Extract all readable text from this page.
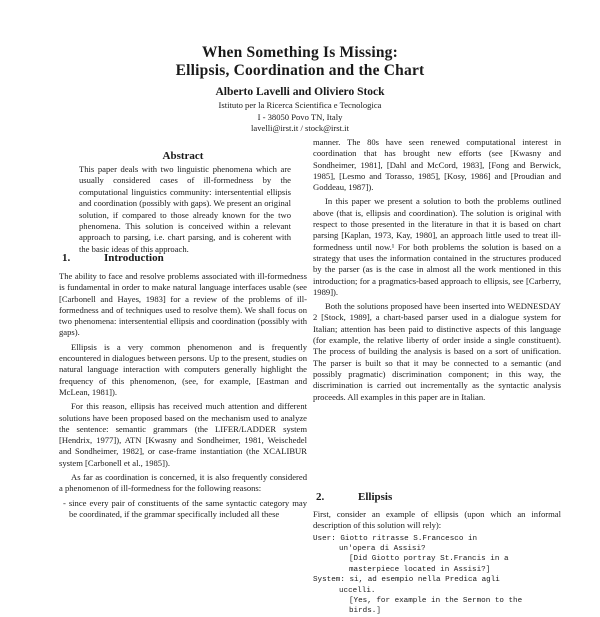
When Something Is Missing:
Ellipsis, Coordination and the Chart
Alberto Lavelli and Oliviero Stock
Istituto per la Ricerca Scientifica e Tecnologica
I - 38050 Povo TN, Italy
lavelli@irst.it / stock@irst.it
Abstract

This paper deals with two linguistic phenomena which are usually considered cases of ill-formedness by the computational linguistics community: intersentential ellipsis and coordination (possibly with gaps). We present an original solution, if compared to those already known for the two phenomena. This solution is conceived within a relevant approach to parsing, i.e. chart parsing, and is coherent with the basic ideas of this approach.

1.	Introduction

The ability to face and resolve problems associated with ill-formedness is fundamental in order to make natural language interfaces usable (see [Carbonell and Hayes, 1983] for a review of the problems of ill-formedness and of techniques used to resolve them). We shall focus on two phenomena: intersentential ellipsis and coordination (possibly with gaps).

Ellipsis is a very common phenomenon and is frequently encountered in dialogues between persons. Up to the present, studies on natural language interaction with computers generally highlight the frequency of this phenomenon, (see, for example, [Eastman and McLean, 1981]).

For this reason, ellipsis has received much attention and different solutions have been proposed based on the mechanism used to analyze the sentence: semantic grammars (the LIFER/LADDER system [Hendrix, 1977]), ATN [Kwasny and Sondheimer, 1981, Weischedel and Sondheimer, 1982], or case-frame instantiation (the XCALIBUR system [Carbonell et al., 1985]).

As far as coordination is concerned, it is also frequently considered a phenomenon of ill-formedness for the following reasons:

- since every pair of constituents of the same syntactic category may be coordinated, if the grammar specifically included all these

manner. The 80s have seen renewed computational interest in coordination that has brought new efforts (see [Kwasny and Sondheimer, 1981], [Dahl and McCord, 1983], [Fong and Berwick, 1985], [Lesmo and Torasso, 1985], [Kosy, 1986] and [Proudian and Goddeau, 1987]).

In this paper we present a solution to both the problems outlined above (that is, ellipsis and coordination). The solution is original with respect to those presented in the literature in that it is based on chart parsing [Kaplan, 1973, Kay, 1980], an approach little used to treat ill-formedness until now.¹ For both problems the solution is based on a strategy that uses the information contained in the structures produced by the parser (as is the case in almost all the work mentioned in this introduction; for a pragmatics-based approach to ellipsis, see [Carberry, 1989]).

Both the solutions proposed have been inserted into WEDNESDAY 2 [Stock, 1989], a chart-based parser used in a dialogue system for Italian; attention has been paid to distinctive aspects of this language (for example, the relative liberty of order inside a single constituent). The process of building the analysis is based on a sort of unification. The parser is built so that it may be connected to a semantic (and possibly pragmatic) discrimination component; in this way, the discrimination is carried out incrementally as the syntactic analysis proceeds. All examples in this paper are in Italian.

2.	Ellipsis

First, consider an example of ellipsis (upon which an informal description of this solution will rely):

User: Giotto ritrasse S.Francesco in
un'opera di Assisi?
[Did Giotto portray St.Francis in a
masterpiece located in Assisi?]
System: si, ad esempio nella Predica agli
uccelli.
[Yes, for example in the Sermon to the
birds.]
